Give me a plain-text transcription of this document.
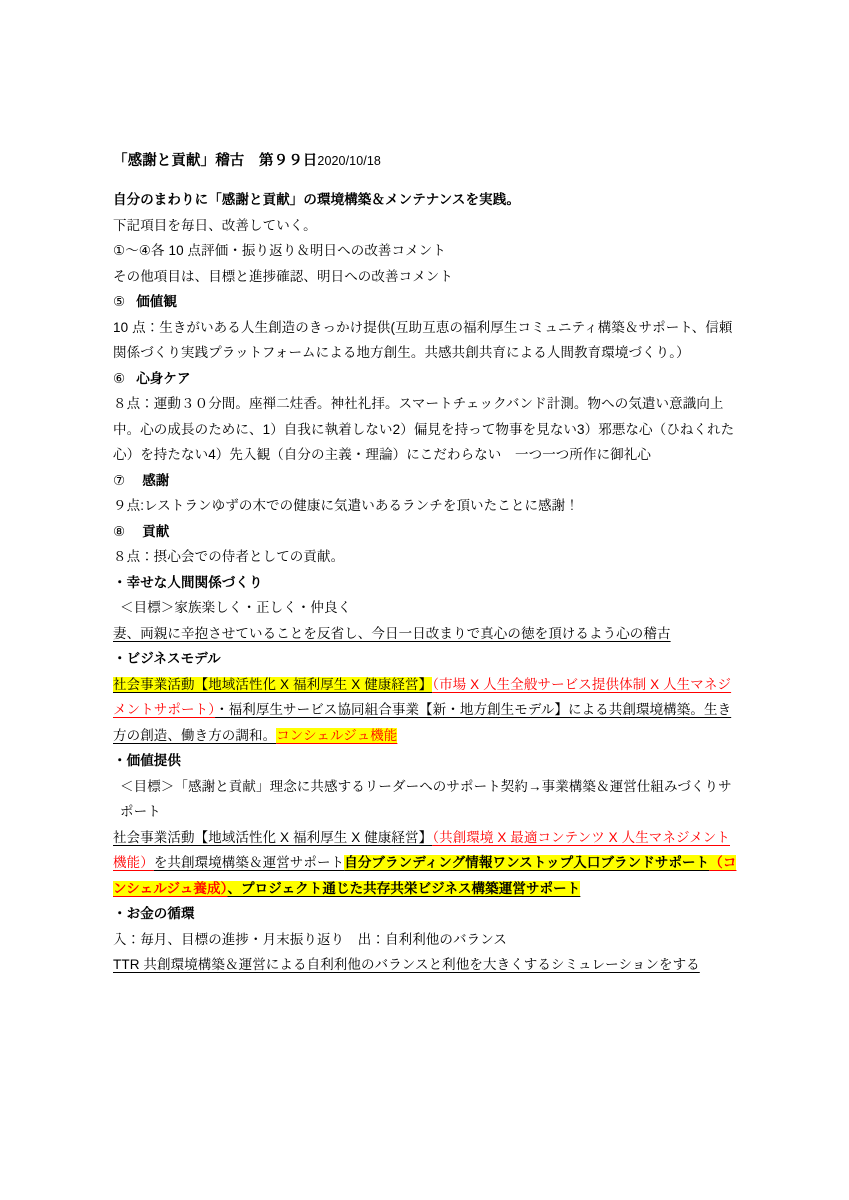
「感謝と貢献」稽古　第９９日2020/10/18
自分のまわりに「感謝と貢献」の環境構築＆メンテナンスを実践。
下記項目を毎日、改善していく。
①～④各 10 点評価・振り返り＆明日への改善コメント
その他項目は、目標と進捗確認、明日への改善コメント
⑤ 価値観
10 点：生きがいある人生創造のきっかけ提供(互助互恵の福利厚生コミュニティ構築＆サポート、信頼関係づくり実践プラットフォームによる地方創生。共感共創共育による人間教育環境づくり。）
⑥ 心身ケア
８点：運動３０分間。座禅二炷香。神社礼拝。スマートチェックバンド計測。物への気遣い意識向上中。心の成長のために、1）自我に執着しない2）偏見を持って物事を見ない3）邪悪な心（ひねくれた心）を持たない4）先入観（自分の主義・理論）にこだわらない　一つ一つ所作に御礼心
⑦ 感謝
９点:レストランゆずの木での健康に気遣いあるランチを頂いたことに感謝！
⑧ 貢献
８点：摂心会での侍者としての貢献。
・幸せな人間関係づくり
＜目標＞家族楽しく・正しく・仲良く
妻、両親に辛抱させていることを反省し、今日一日改まりで真心の徳を頂けるよう心の稽古
・ビジネスモデル
社会事業活動【地域活性化 X 福利厚生 X 健康経営】（市場 X 人生全般サービス提供体制 X 人生マネジメントサポート）・福利厚生サービス協同組合事業【新・地方創生モデル】による共創環境構築。生き方の創造、働き方の調和。コンシェルジュ機能
・価値提供
＜目標＞「感謝と貢献」理念に共感するリーダーへのサポート契約→事業構築＆運営仕組みづくりサポート
社会事業活動【地域活性化 X 福利厚生 X 健康経営】（共創環境 X 最適コンテンツ X 人生マネジメント機能）を共創環境構築＆運営サポート自分ブランディング情報ワンストップ入口ブランドサポート（コンシェルジュ養成）、プロジェクト通じた共存共栄ビジネス構築運営サポート
・お金の循環
入：毎月、目標の進捗・月末振り返り　出：自利利他のバランス
TTR 共創環境構築＆運営による自利利他のバランスと利他を大きくするシミュレーションをする
